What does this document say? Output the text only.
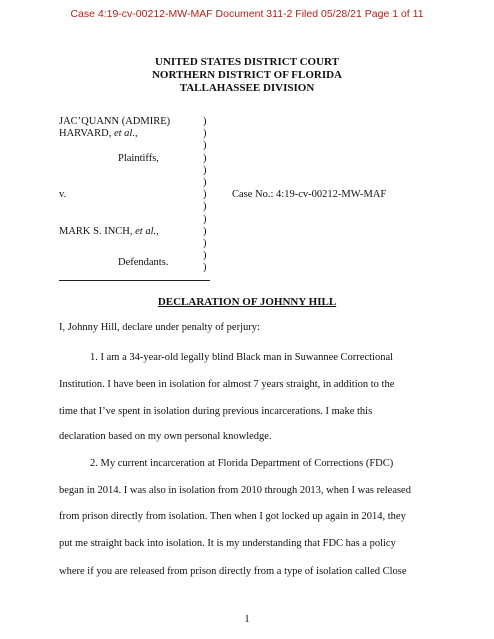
Case 4:19-cv-00212-MW-MAF Document 311-2 Filed 05/28/21 Page 1 of 11
UNITED STATES DISTRICT COURT
NORTHERN DISTRICT OF FLORIDA
TALLAHASSEE DIVISION
JAC’QUANN (ADMIRE)
HARVARD, et al.,
Plaintiffs,
v.
MARK S. INCH, et al.,
Defendants.
)
)
)
)
)
)
)
)
)
)
)
)
)
Case No.: 4:19-cv-00212-MW-MAF
DECLARATION OF JOHNNY HILL
I, Johnny Hill, declare under penalty of perjury:
1. I am a 34-year-old legally blind Black man in Suwannee Correctional
Institution. I have been in isolation for almost 7 years straight, in addition to the
time that I’ve spent in isolation during previous incarcerations. I make this
declaration based on my own personal knowledge.
2. My current incarceration at Florida Department of Corrections (FDC)
began in 2014. I was also in isolation from 2010 through 2013, when I was released
from prison directly from isolation. Then when I got locked up again in 2014, they
put me straight back into isolation. It is my understanding that FDC has a policy
where if you are released from prison directly from a type of isolation called Close
1
